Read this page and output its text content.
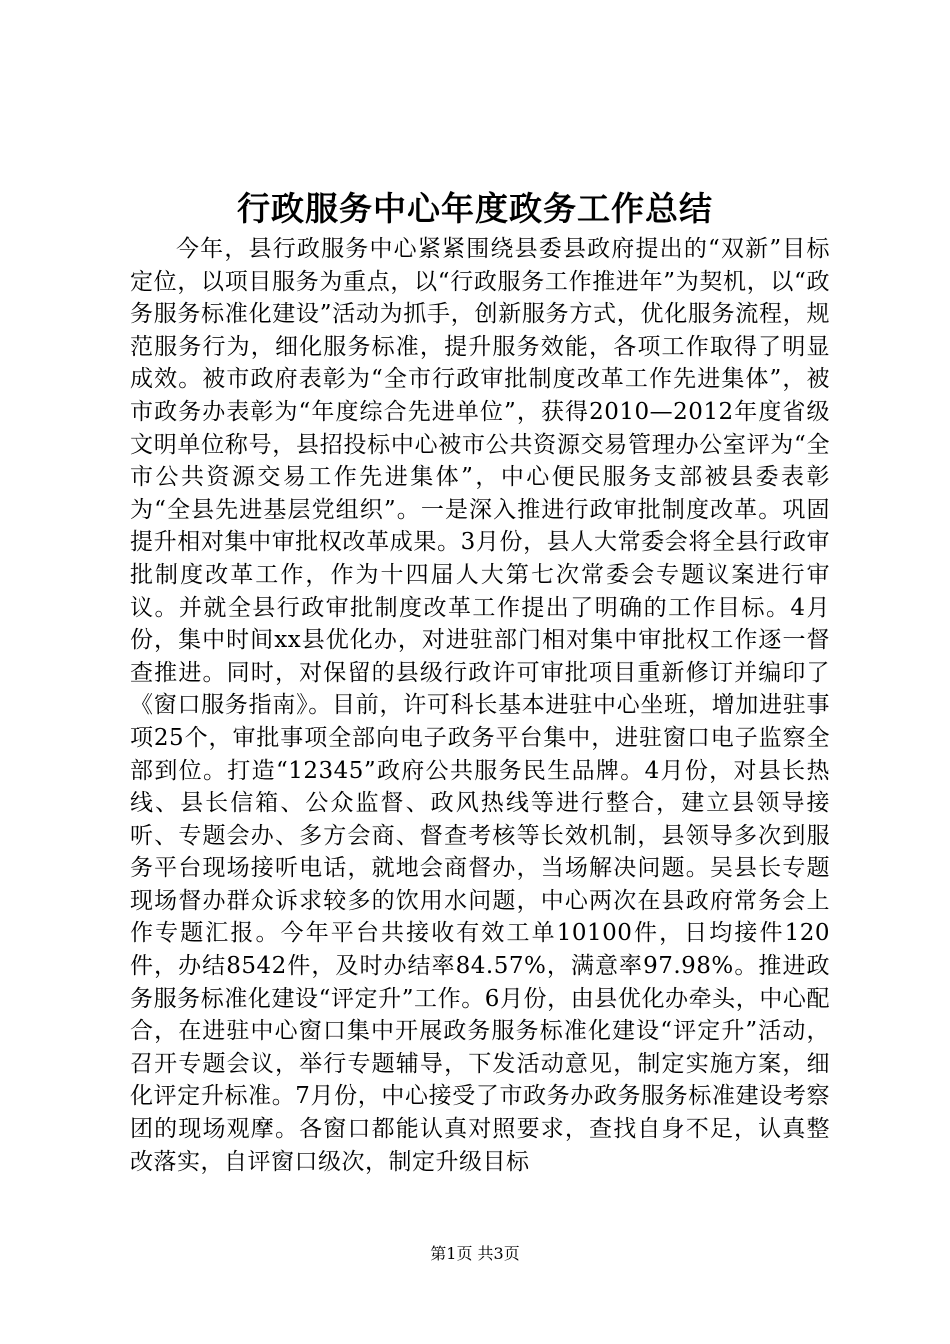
行政服务中心年度政务工作总结

今年，县行政服务中心紧紧围绕县委县政府提出的“双新”目标定位，以项目服务为重点，以“行政服务工作推进年”为契机，以“政务服务标准化建设”活动为抓手，创新服务方式，优化服务流程，规范服务行为，细化服务标准，提升服务效能，各项工作取得了明显成效。被市政府表彰为“全市行政审批制度改革工作先进集体”，被市政务办表彰为“年度综合先进单位”，获得2010—2012年度省级文明单位称号，县招投标中心被市公共资源交易管理办公室评为“全市公共资源交易工作先进集体”，中心便民服务支部被县委表彰为“全县先进基层党组织”。一是深入推进行政审批制度改革。巩固提升相对集中审批权改革成果。3月份，县人大常委会将全县行政审批制度改革工作，作为十四届人大第七次常委会专题议案进行审议。并就全县行政审批制度改革工作提出了明确的工作目标。4月份，集中时间xx县优化办，对进驻部门相对集中审批权工作逐一督查推进。同时，对保留的县级行政许可审批项目重新修订并编印了《窗口服务指南》。目前，许可科长基本进驻中心坐班，增加进驻事项25个，审批事项全部向电子政务平台集中，进驻窗口电子监察全部到位。打造“12345”政府公共服务民生品牌。4月份，对县长热线、县长信箱、公众监督、政风热线等进行整合，建立县领导接听、专题会办、多方会商、督查考核等长效机制，县领导多次到服务平台现场接听电话，就地会商督办，当场解决问题。吴县长专题现场督办群众诉求较多的饮用水问题，中心两次在县政府常务会上作专题汇报。今年平台共接收有效工单10100件，日均接件120件，办结8542件，及时办结率84.57%，满意率97.98%。推进政务服务标准化建设“评定升”工作。6月份，由县优化办牵头，中心配合，在进驻中心窗口集中开展政务服务标准化建设“评定升”活动，召开专题会议，举行专题辅导，下发活动意见，制定实施方案，细化评定升标准。7月份，中心接受了市政务办政务服务标准建设考察团的现场观摩。各窗口都能认真对照要求，查找自身不足，认真整改落实，自评窗口级次，制定升级目标

第1页 共3页
